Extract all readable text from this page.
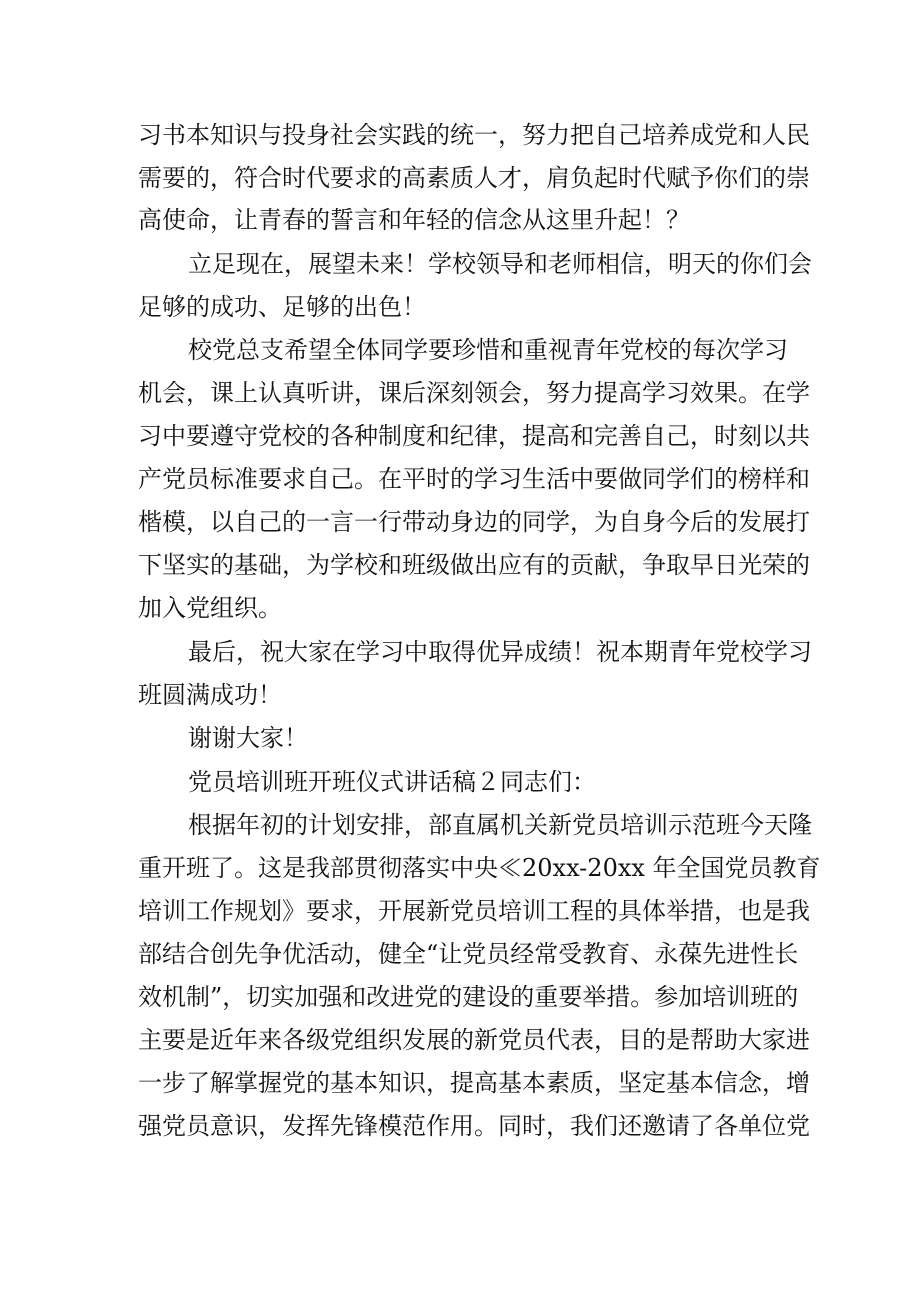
习书本知识与投身社会实践的统一，努力把自己培养成党和人民
需要的，符合时代要求的高素质人才，肩负起时代赋予你们的崇
高使命，让青春的誓言和年轻的信念从这里升起！？
立足现在，展望未来！学校领导和老师相信，明天的你们会
足够的成功、足够的出色！
校党总支希望全体同学要珍惜和重视青年党校的每次学习
机会，课上认真听讲，课后深刻领会，努力提高学习效果。在学
习中要遵守党校的各种制度和纪律，提高和完善自己，时刻以共
产党员标准要求自己。在平时的学习生活中要做同学们的榜样和
楷模，以自己的一言一行带动身边的同学，为自身今后的发展打
下坚实的基础，为学校和班级做出应有的贡献，争取早日光荣的
加入党组织。
最后，祝大家在学习中取得优异成绩！祝本期青年党校学习
班圆满成功！
谢谢大家！
党员培训班开班仪式讲话稿２同志们：
根据年初的计划安排，部直属机关新党员培训示范班今天隆
重开班了。这是我部贯彻落实中央≪20xx-20xx 年全国党员教育
培训工作规划》要求，开展新党员培训工程的具体举措，也是我
部结合创先争优活动，健全“让党员经常受教育、永葆先进性长
效机制”，切实加强和改进党的建设的重要举措。参加培训班的
主要是近年来各级党组织发展的新党员代表，目的是帮助大家进
一步了解掌握党的基本知识，提高基本素质，坚定基本信念，增
强党员意识，发挥先锋模范作用。同时，我们还邀请了各单位党
